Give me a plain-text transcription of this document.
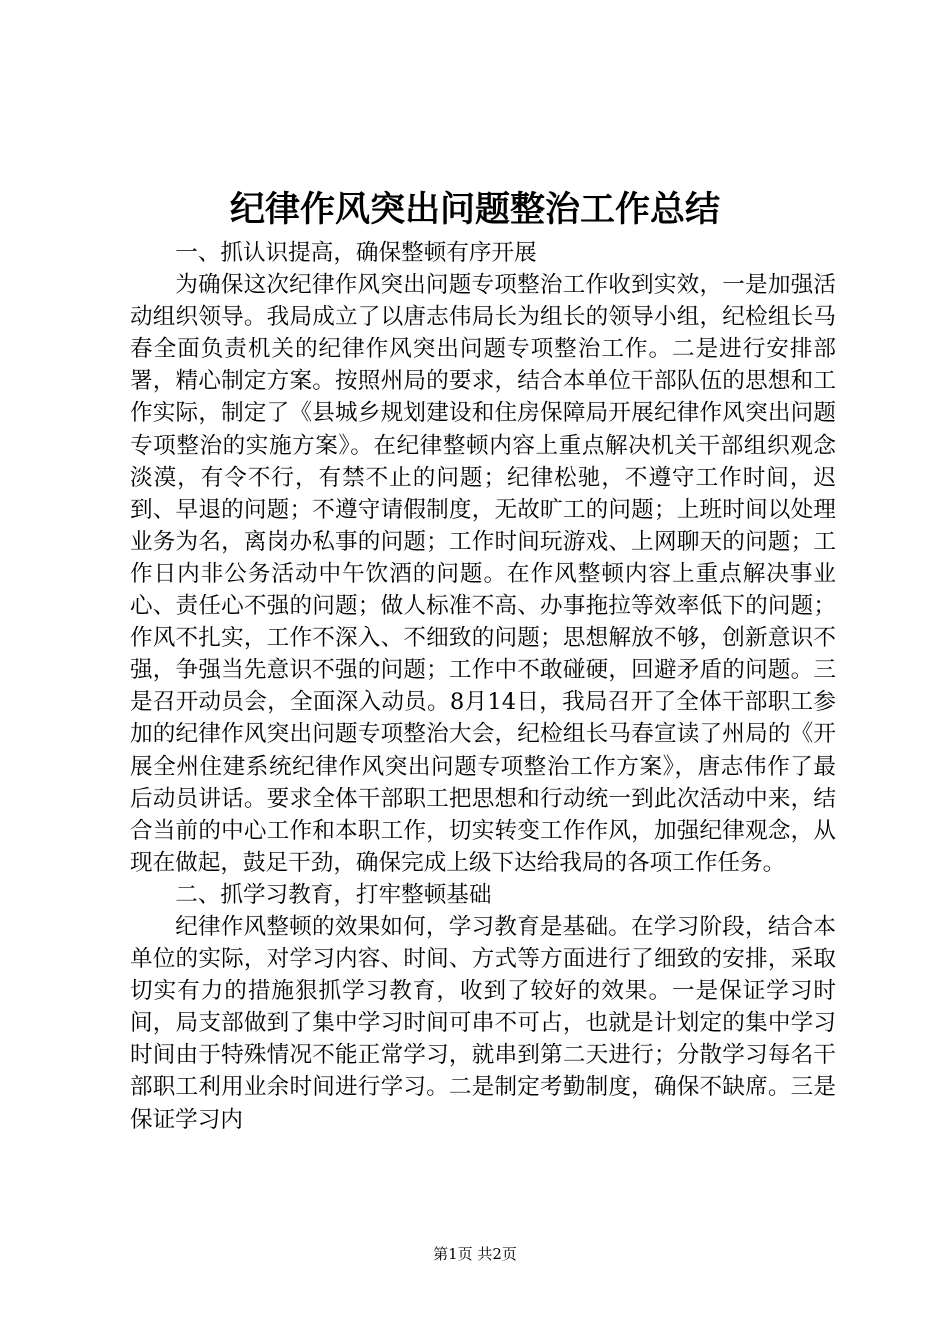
纪律作风突出问题整治工作总结

一、抓认识提高，确保整顿有序开展

为确保这次纪律作风突出问题专项整治工作收到实效，一是加强活动组织领导。我局成立了以唐志伟局长为组长的领导小组，纪检组长马春全面负责机关的纪律作风突出问题专项整治工作。二是进行安排部署，精心制定方案。按照州局的要求，结合本单位干部队伍的思想和工作实际，制定了《县城乡规划建设和住房保障局开展纪律作风突出问题专项整治的实施方案》。在纪律整顿内容上重点解决机关干部组织观念淡漠，有令不行，有禁不止的问题；纪律松驰，不遵守工作时间，迟到、早退的问题；不遵守请假制度，无故旷工的问题；上班时间以处理业务为名，离岗办私事的问题；工作时间玩游戏、上网聊天的问题；工作日内非公务活动中午饮酒的问题。在作风整顿内容上重点解决事业心、责任心不强的问题；做人标准不高、办事拖拉等效率低下的问题；作风不扎实，工作不深入、不细致的问题；思想解放不够，创新意识不强，争强当先意识不强的问题；工作中不敢碰硬，回避矛盾的问题。三是召开动员会，全面深入动员。8月14日，我局召开了全体干部职工参加的纪律作风突出问题专项整治大会，纪检组长马春宣读了州局的《开展全州住建系统纪律作风突出问题专项整治工作方案》，唐志伟作了最后动员讲话。要求全体干部职工把思想和行动统一到此次活动中来，结合当前的中心工作和本职工作，切实转变工作作风，加强纪律观念，从现在做起，鼓足干劲，确保完成上级下达给我局的各项工作任务。

二、抓学习教育，打牢整顿基础

纪律作风整顿的效果如何，学习教育是基础。在学习阶段，结合本单位的实际，对学习内容、时间、方式等方面进行了细致的安排，采取切实有力的措施狠抓学习教育，收到了较好的效果。一是保证学习时间，局支部做到了集中学习时间可串不可占，也就是计划定的集中学习时间由于特殊情况不能正常学习，就串到第二天进行；分散学习每名干部职工利用业余时间进行学习。二是制定考勤制度，确保不缺席。三是保证学习内

第1页 共2页
